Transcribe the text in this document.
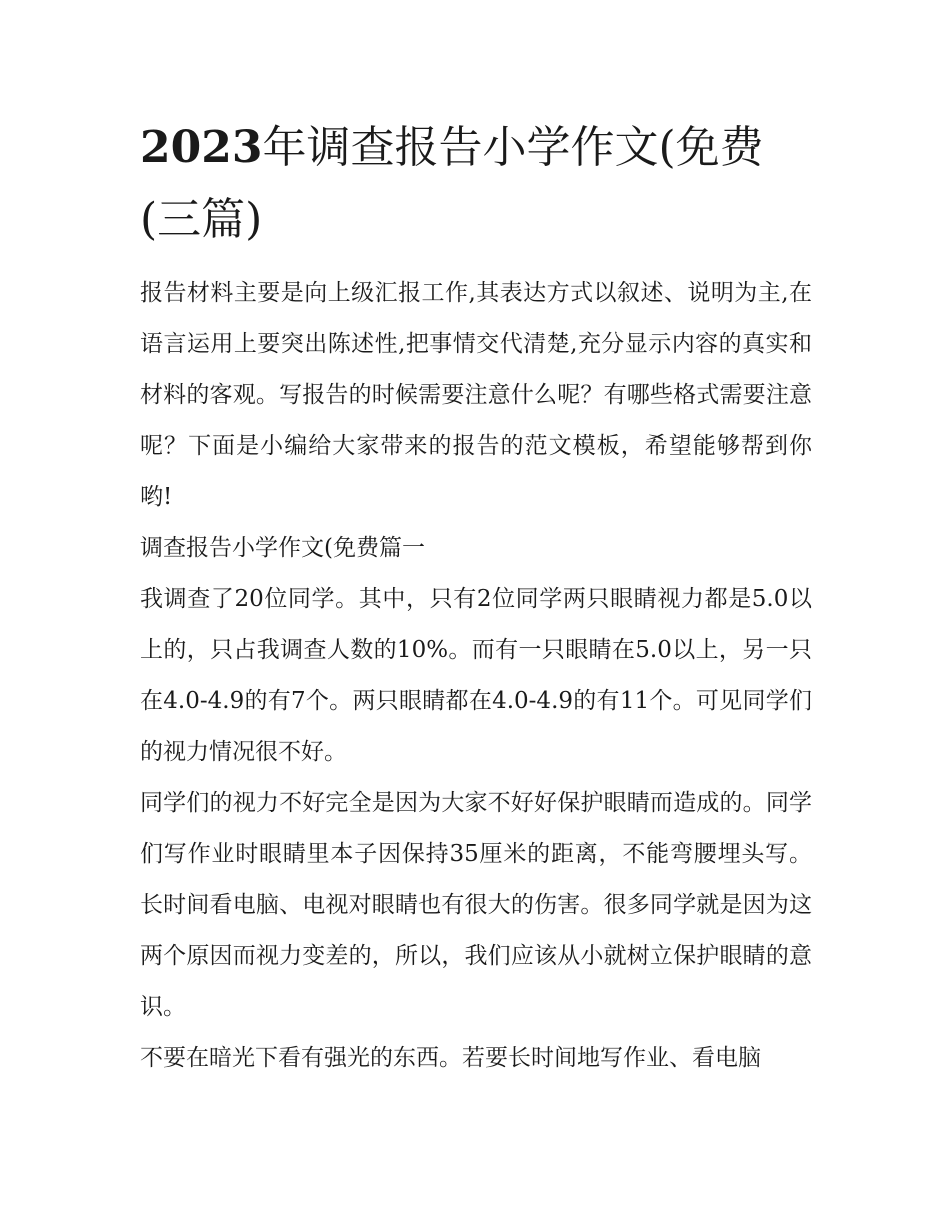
2023年调查报告小学作文(免费(三篇)

报告材料主要是向上级汇报工作,其表达方式以叙述、说明为主,在语言运用上要突出陈述性,把事情交代清楚,充分显示内容的真实和材料的客观。写报告的时候需要注意什么呢？有哪些格式需要注意呢？下面是小编给大家带来的报告的范文模板，希望能够帮到你哟!

调查报告小学作文(免费篇一

我调查了20位同学。其中，只有2位同学两只眼睛视力都是5.0以上的，只占我调查人数的10%。而有一只眼睛在5.0以上，另一只在4.0-4.9的有7个。两只眼睛都在4.0-4.9的有11个。可见同学们的视力情况很不好。

同学们的视力不好完全是因为大家不好好保护眼睛而造成的。同学们写作业时眼睛里本子因保持35厘米的距离，不能弯腰埋头写。长时间看电脑、电视对眼睛也有很大的伤害。很多同学就是因为这两个原因而视力变差的，所以，我们应该从小就树立保护眼睛的意识。

不要在暗光下看有强光的东西。若要长时间地写作业、看电脑
